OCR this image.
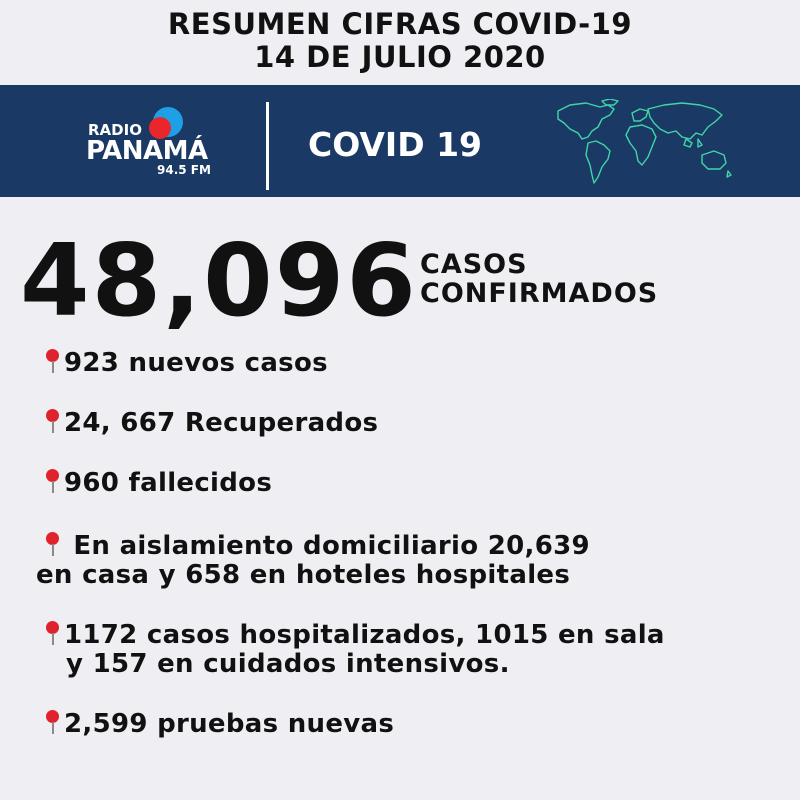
RESUMEN CIFRAS COVID-19
14 DE JULIO 2020
RADIO
PANAMÁ
94.5 FM
COVID 19
48,096 CASOS
CONFIRMADOS
923 nuevos casos
24, 667 Recuperados
960 fallecidos
En aislamiento domiciliario 20,639
en casa y 658 en hoteles hospitales
1172 casos hospitalizados, 1015 en sala
y 157 en cuidados intensivos.
2,599 pruebas nuevas
